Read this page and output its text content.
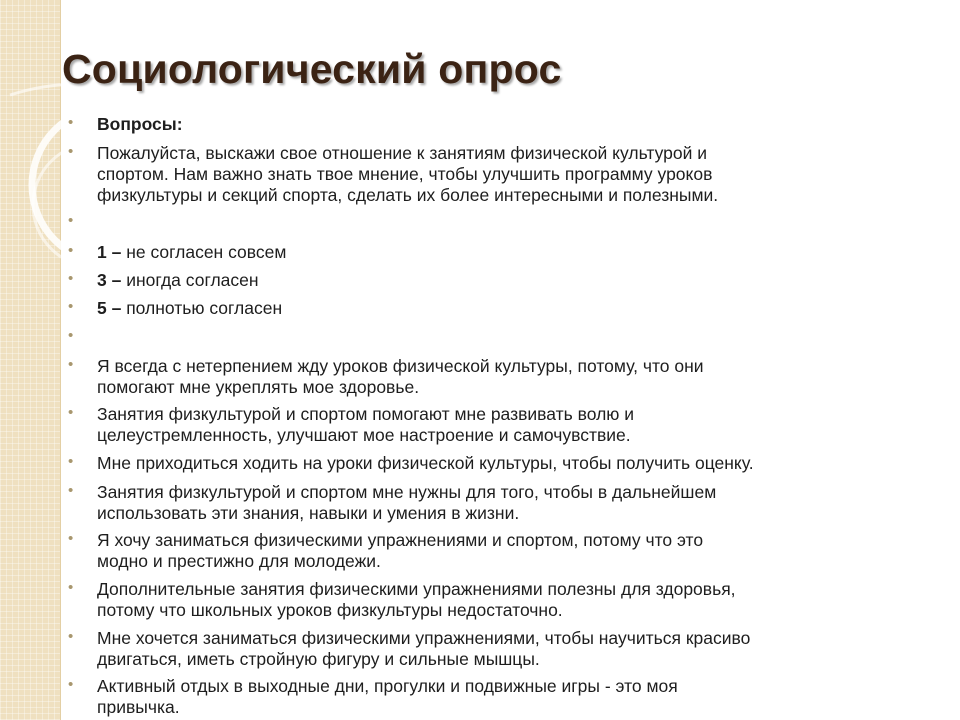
Социологический опрос
• Вопросы:
• Пожалуйста, выскажи свое отношение к занятиям физической культурой и
спортом. Нам важно знать твое мнение, чтобы улучшить программу уроков
физкультуры и секций спорта, сделать их более интересными и полезными.
•
• 1 – не согласен совсем
• 3 – иногда согласен
• 5 – полнотью согласен
•
• Я всегда с нетерпением жду уроков физической культуры, потому, что они
помогают мне укреплять мое здоровье.
• Занятия физкультурой и спортом помогают мне развивать волю и
целеустремленность, улучшают мое настроение и самочувствие.
• Мне приходиться ходить на уроки физической культуры, чтобы получить оценку.
• Занятия физкультурой и спортом мне нужны для того, чтобы в дальнейшем
использовать эти знания, навыки и умения в жизни.
• Я хочу заниматься физическими упражнениями и спортом, потому что это
модно и престижно для молодежи.
• Дополнительные занятия физическими упражнениями полезны для здоровья,
потому что школьных уроков физкультуры недостаточно.
• Мне хочется заниматься физическими упражнениями, чтобы научиться красиво
двигаться, иметь стройную фигуру и сильные мышцы.
• Активный отдых в выходные дни, прогулки и подвижные игры - это моя
привычка.
